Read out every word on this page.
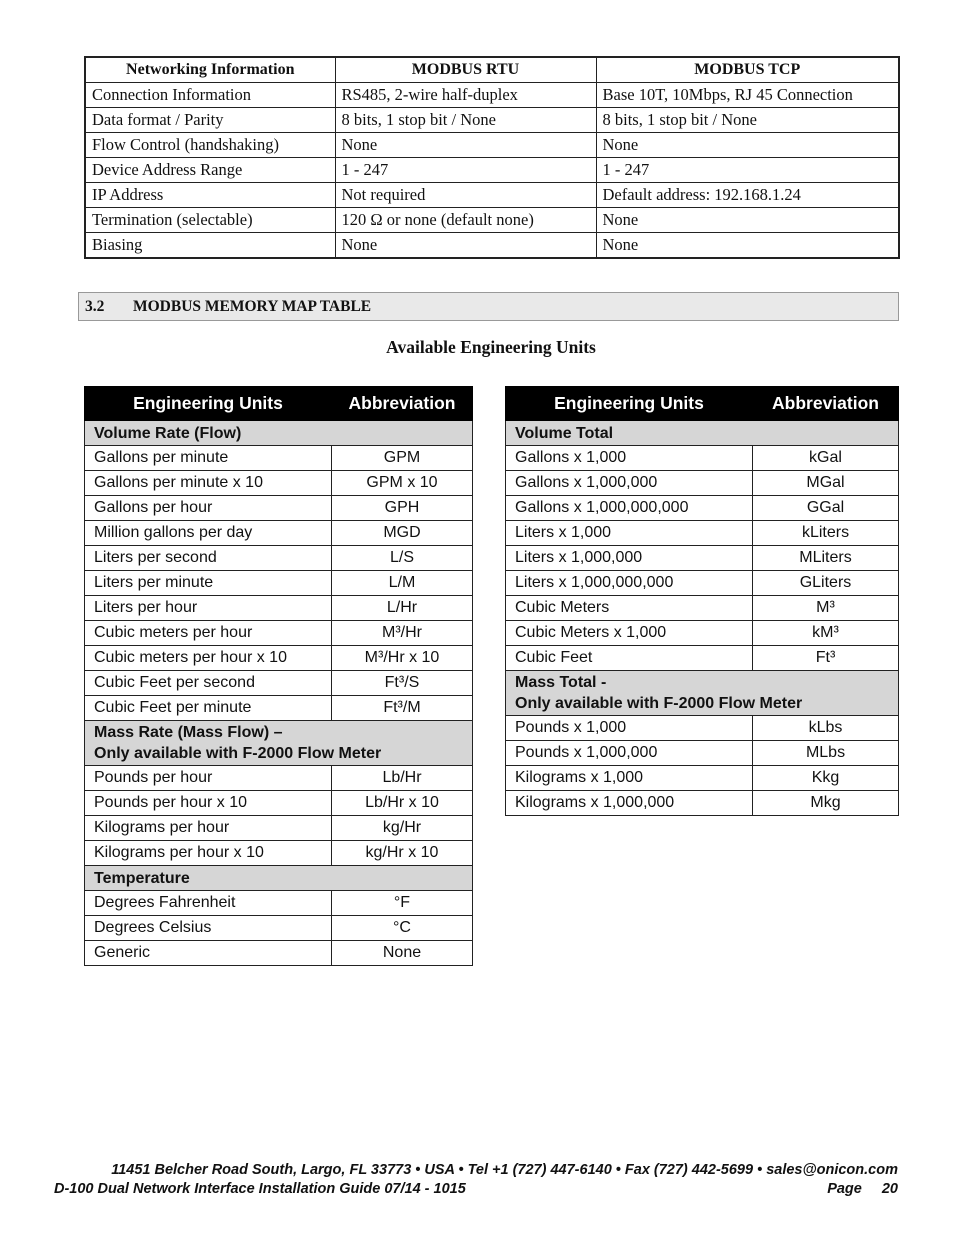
Networking Information	MODBUS RTU	MODBUS TCP
Connection Information	RS485, 2-wire half-duplex	Base 10T, 10Mbps, RJ 45 Connection
Data format / Parity	8 bits, 1 stop bit / None	8 bits, 1 stop bit / None
Flow Control (handshaking)	None	None
Device Address Range	1 - 247	1 - 247
IP Address	Not required	Default address: 192.168.1.24
Termination (selectable)	120 Ω or none (default none)	None
Biasing	None	None
3.2	MODBUS MEMORY MAP TABLE
Available Engineering Units
Engineering Units	Abbreviation

Volume Rate (Flow)	

Gallons per minute	GPM
Gallons per minute x 10	GPM x 10
Gallons per hour	GPH
Million gallons per day	MGD
Liters per second	L/S
Liters per minute	L/M
Liters per hour	L/Hr
Cubic meters per hour	M³/Hr
Cubic meters per hour x 10	M³/Hr x 10
Cubic Feet per second	Ft³/S
Cubic Feet per minute	Ft³/M

Mass Rate (Mass Flow) –
Only available with F-2000 Flow Meter	

Pounds per hour	Lb/Hr
Pounds per hour x 10	Lb/Hr x 10
Kilograms per hour	kg/Hr
Kilograms per hour x 10	kg/Hr x 10

Temperature	

Degrees Fahrenheit	°F
Degrees Celsius	°C
Generic	None
Engineering Units	Abbreviation

Volume Total	

Gallons x 1,000	kGal
Gallons x 1,000,000	MGal
Gallons x 1,000,000,000	GGal
Liters x 1,000	kLiters
Liters x 1,000,000	MLiters
Liters x 1,000,000,000	GLiters
Cubic Meters	M³
Cubic Meters x 1,000	kM³
Cubic Feet	Ft³

Mass Total -
Only available with F-2000 Flow Meter	

Pounds x 1,000	kLbs
Pounds x 1,000,000	MLbs
Kilograms x 1,000	Kkg
Kilograms x 1,000,000	Mkg
11451 Belcher Road South, Largo, FL 33773 • USA • Tel +1 (727) 447-6140 • Fax (727) 442-5699 • sales@onicon.com
D-100 Dual Network Interface Installation Guide 07/14 - 1015	Page 20
